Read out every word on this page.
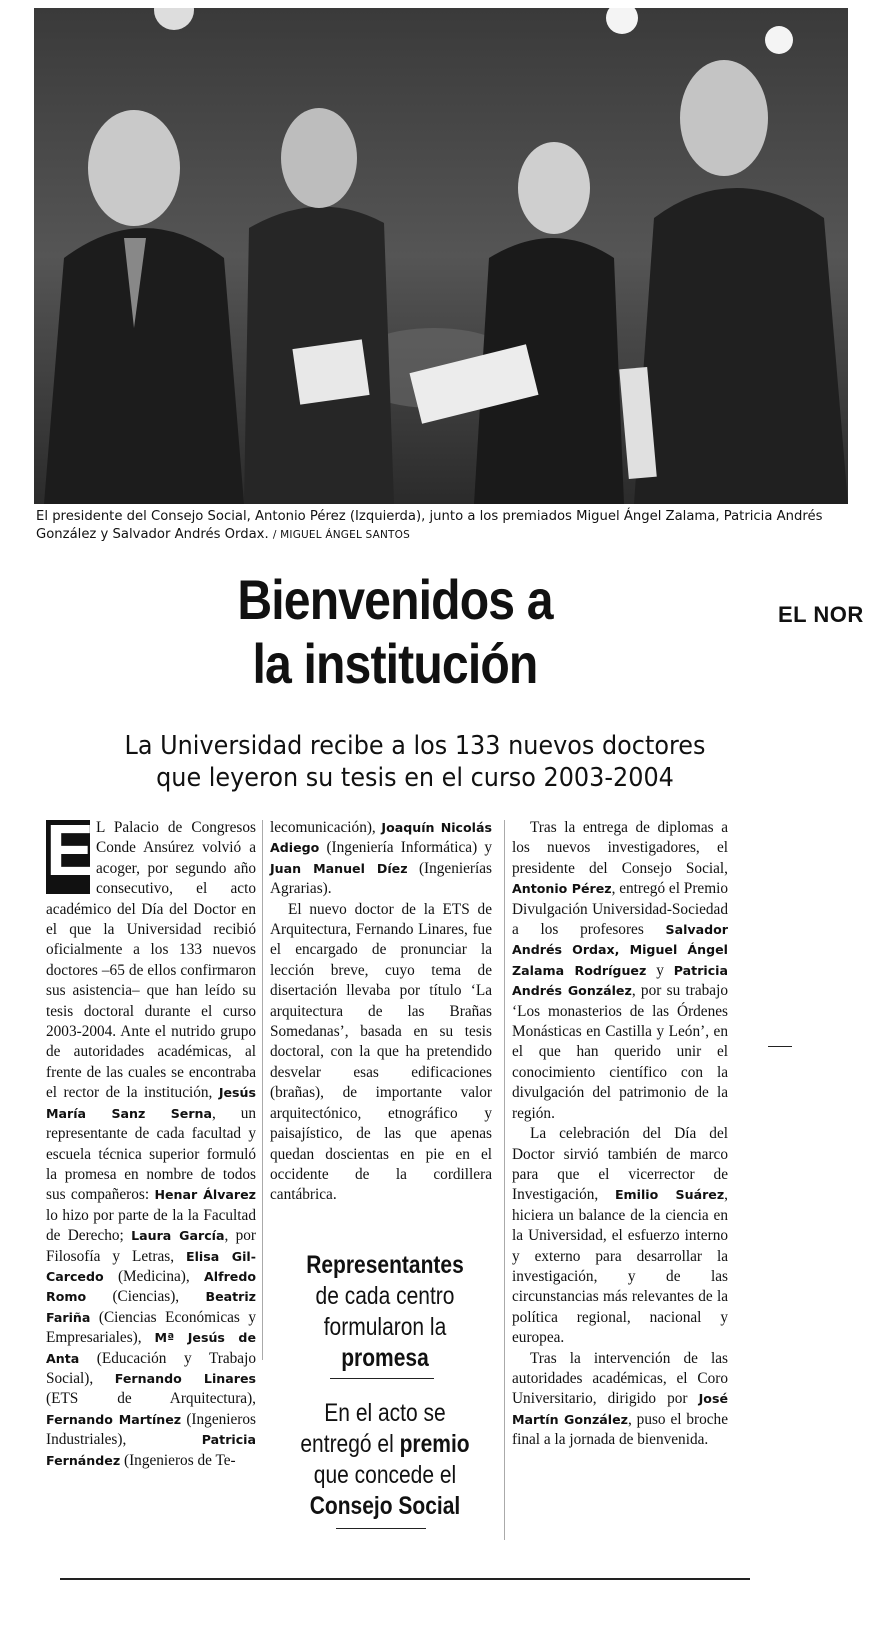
El presidente del Consejo Social, Antonio Pérez (Izquierda), junto a los premiados Miguel Ángel Zalama, Patricia Andrés González y Salvador Andrés Ordax. / MIGUEL ÁNGEL SANTOS
Bienvenidos a
la institución
EL NOR
La Universidad recibe a los 133 nuevos doctores
que leyeron su tesis en el curso 2003-2004

E L Palacio de Congresos Conde Ansúrez volvió a acoger, por segundo año consecutivo, el acto académico del Día del Doctor en el que la Universidad recibió oficialmente a los 133 nuevos doctores –65 de ellos confirmaron sus asistencia– que han leído su tesis doctoral durante el curso 2003-2004. Ante el nutrido grupo de autoridades académicas, al frente de las cuales se encontraba el rector de la institución, Jesús María Sanz Serna, un representante de cada facultad y escuela técnica superior formuló la promesa en nombre de todos sus compañeros: Henar Álvarez lo hizo por parte de la la Facultad de Derecho; Laura García, por Filosofía y Letras, Elisa Gil-Carcedo (Medicina), Alfredo Romo (Ciencias), Beatriz Fariña (Ciencias Económicas y Empresariales), Mª Jesús de Anta (Educación y Trabajo Social), Fernando Linares (ETS de Arquitectura), Fernando Martínez (Ingenieros Industriales), Patricia Fernández (Ingenieros de Te-

lecomunicación), Joaquín Nicolás Adiego (Ingeniería Informática) y Juan Manuel Díez (Ingenierías Agrarias).

El nuevo doctor de la ETS de Arquitectura, Fernando Linares, fue el encargado de pronunciar la lección breve, cuyo tema de disertación llevaba por título ‘La arquitectura de las Brañas Somedanas’, basada en su tesis doctoral, con la que ha pretendido desvelar esas edificaciones (brañas), de importante valor arquitectónico, etnográfico y paisajístico, de las que apenas quedan doscientas en pie en el occidente de la cordillera cantábrica.

Representantes
de cada centro formularon la
promesa
En el acto se entregó el premio que concede el Consejo Social

Tras la entrega de diplomas a los nuevos investigadores, el presidente del Consejo Social, Antonio Pérez, entregó el Premio Divulgación Universidad-Sociedad a los profesores Salvador Andrés Ordax, Miguel Ángel Zalama Rodríguez y Patricia Andrés González, por su trabajo ‘Los monasterios de las Órdenes Monásticas en Castilla y León’, en el que han querido unir el conocimiento científico con la divulgación del patrimonio de la región.

La celebración del Día del Doctor sirvió también de marco para que el vicerrector de Investigación, Emilio Suárez, hiciera un balance de la ciencia en la Universidad, el esfuerzo interno y externo para desarrollar la investigación, y de las circunstancias más relevantes de la política regional, nacional y europea.

Tras la intervención de las autoridades académicas, el Coro Universitario, dirigido por José Martín González, puso el broche final a la jornada de bienvenida.
